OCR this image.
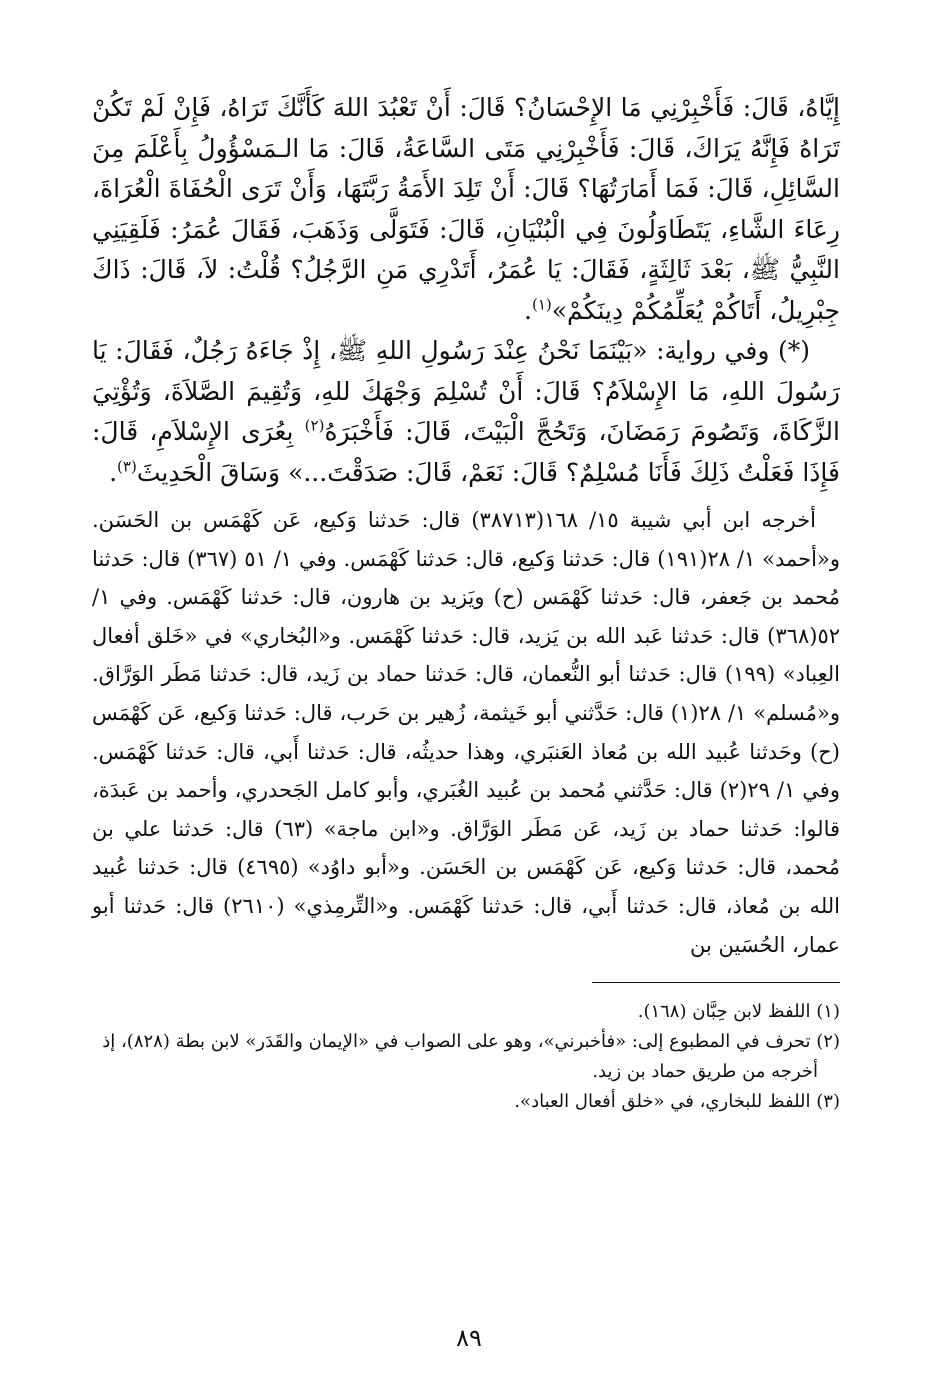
إِيَّاهُ، قَالَ: فَأَخْبِرْنِي مَا الإِحْسَانُ؟ قَالَ: أَنْ تَعْبُدَ اللهَ كَأَنَّكَ تَرَاهُ، فَإِنْ لَمْ تَكُنْ تَرَاهُ فَإِنَّهُ يَرَاكَ، قَالَ: فَأَخْبِرْنِي مَتَى السَّاعَةُ، قَالَ: مَا الـمَسْؤُولُ بِأَعْلَمَ مِنَ السَّائِلِ، قَالَ: فَمَا أَمَارَتُهَا؟ قَالَ: أَنْ تَلِدَ الأَمَةُ رَبَّتَهَا، وَأَنْ تَرَى الْحُفَاةَ الْعُرَاةَ، رِعَاءَ الشَّاءِ، يَتَطَاوَلُونَ فِي الْبُنْيَانِ، قَالَ: فَتَوَلَّى وَذَهَبَ، فَقَالَ عُمَرُ: فَلَقِيَنِي النَّبِيُّ ﷺ، بَعْدَ ثَالِثَةٍ، فَقَالَ: يَا عُمَرُ، أَتَدْرِي مَنِ الرَّجُلُ؟ قُلْتُ: لاَ، قَالَ: ذَاكَ جِبْرِيلُ، أَتَاكُمْ يُعَلِّمُكُمْ دِينَكُمْ»$^{(١)}$.

(*) وفي رواية: «بَيْنَمَا نَحْنُ عِنْدَ رَسُولِ اللهِ ﷺ، إِذْ جَاءَهُ رَجُلٌ، فَقَالَ: يَا رَسُولَ اللهِ، مَا الإِسْلاَمُ؟ قَالَ: أَنْ تُسْلِمَ وَجْهَكَ للهِ، وَتُقِيمَ الصَّلاَةَ، وَتُؤْتِيَ الزَّكَاةَ، وَتَصُومَ رَمَضَانَ، وَتَحُجَّ الْبَيْتَ، قَالَ: فَأَخْبَرَهُ$^{(٢)}$ بِعُرَى الإِسْلاَمِ، قَالَ: فَإِذَا فَعَلْتُ ذَلِكَ فَأَنَا مُسْلِمٌ؟ قَالَ: نَعَمْ، قَالَ: صَدَقْتَ...» وَسَاقَ الْحَدِيثَ$^{(٣)}$.

أخرجه ابن أبي شيبة ١٥/ ١٦٨(٣٨٧١٣) قال: حَدثنا وَكيع، عَن كَهْمَس بن الحَسَن. و«أحمد» ١/ ٢٨(١٩١) قال: حَدثنا وَكيع، قال: حَدثنا كَهْمَس. وفي ١/ ٥١ (٣٦٧) قال: حَدثنا مُحمد بن جَعفر، قال: حَدثنا كَهْمَس (ح) ويَزيد بن هارون، قال: حَدثنا كَهْمَس. وفي ١/ ٥٢(٣٦٨) قال: حَدثنا عَبد الله بن يَزيد، قال: حَدثنا كَهْمَس. و«البُخاري» في «خَلق أفعال العِباد» (١٩٩) قال: حَدثنا أبو النُّعمان، قال: حَدثنا حماد بن زَيد، قال: حَدثنا مَطَر الوَرَّاق. و«مُسلم» ١/ ٢٨(١) قال: حَدَّثني أبو خَيثمة، زُهير بن حَرب، قال: حَدثنا وَكيع، عَن كَهْمَس (ح) وحَدثنا عُبيد الله بن مُعاذ العَنبَري، وهذا حديثُه، قال: حَدثنا أَبي، قال: حَدثنا كَهْمَس. وفي ١/ ٢٩(٢) قال: حَدَّثني مُحمد بن عُبيد الغُبَري، وأبو كامل الجَحدري، وأحمد بن عَبدَة، قالوا: حَدثنا حماد بن زَيد، عَن مَطَر الوَرَّاق. و«ابن ماجة» (٦٣) قال: حَدثنا علي بن مُحمد، قال: حَدثنا وَكيع، عَن كَهْمَس بن الحَسَن. و«أبو داوُد» (٤٦٩٥) قال: حَدثنا عُبيد الله بن مُعاذ، قال: حَدثنا أَبي، قال: حَدثنا كَهْمَس. و«التِّرمِذي» (٢٦١٠) قال: حَدثنا أبو عمار، الحُسَين بن

(١) اللفظ لابن حِبَّان (١٦٨).

(٢) تحرف في المطبوع إلى: «فأخبرني»، وهو على الصواب في «الإيمان والقَدَر» لابن بطة (٨٢٨)، إذ

أخرجه من طريق حماد بن زيد.

(٣) اللفظ للبخاري، في «خلق أفعال العباد».

٨٩
